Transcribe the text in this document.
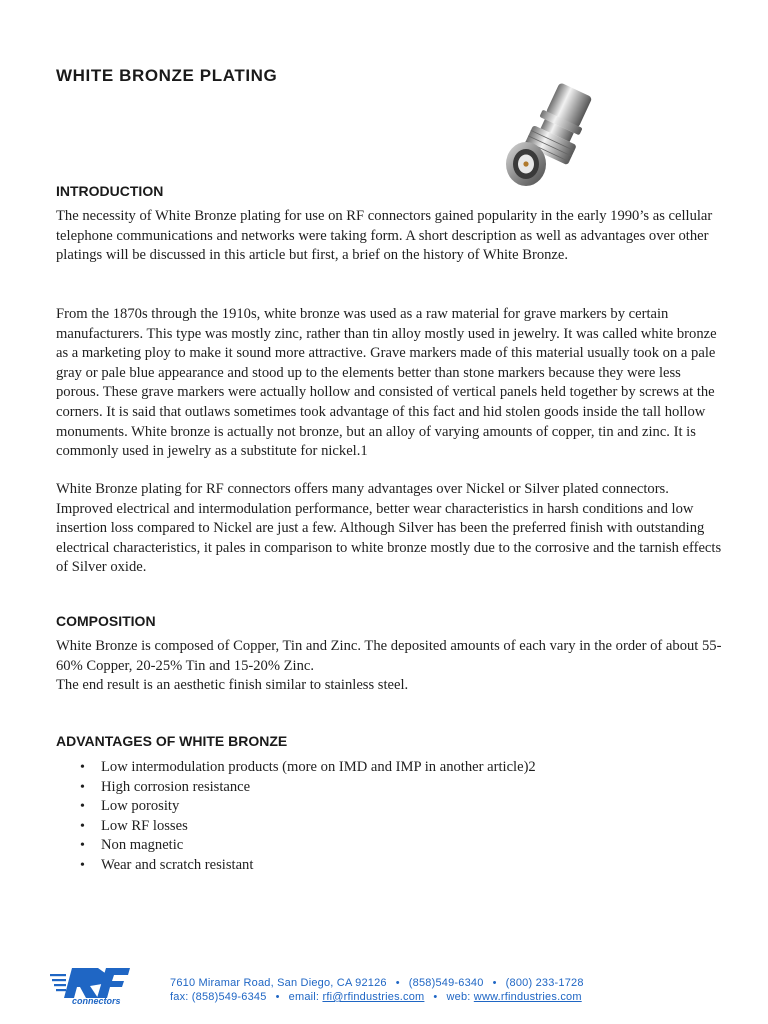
WHITE BRONZE PLATING
INTRODUCTION

The necessity of White Bronze plating for use on RF connectors gained popularity in the early 1990’s as cellular telephone communications and networks were taking form. A short description as well as advantages over other platings will be discussed in this article but first, a brief on the history of White Bronze.

From the 1870s through the 1910s, white bronze was used as a raw material for grave markers by certain manufacturers. This type was mostly zinc, rather than tin alloy mostly used in jewelry. It was called white bronze as a marketing ploy to make it sound more attractive. Grave markers made of this material usually took on a pale gray or pale blue appearance and stood up to the elements better than stone markers because they were less porous. These grave markers were actually hollow and consisted of vertical panels held together by screws at the corners. It is said that outlaws sometimes took advantage of this fact and hid stolen goods inside the tall hollow monuments. White bronze is actually not bronze, but an alloy of varying amounts of copper, tin and zinc. It is commonly used in jewelry as a substitute for nickel.1

White Bronze plating for RF connectors offers many advantages over Nickel or Silver plated connectors. Improved electrical and intermodulation performance, better wear characteristics in harsh conditions and low insertion loss compared to Nickel are just a few. Although Silver has been the preferred finish with outstanding electrical characteristics, it pales in comparison to white bronze mostly due to the corrosive and the tarnish effects of Silver oxide.

COMPOSITION

White Bronze is composed of Copper, Tin and Zinc. The deposited amounts of each vary in the order of about 55-60% Copper, 20-25% Tin and 15-20% Zinc.
The end result is an aesthetic finish similar to stainless steel.

ADVANTAGES OF WHITE BRONZE
• Low intermodulation products (more on IMD and IMP in another article)2
• High corrosion resistance
• Low porosity
• Low RF losses
• Non magnetic
• Wear and scratch resistant
connectors
7610 Miramar Road, San Diego, CA 92126 • (858)549-6340 • (800) 233-1728
fax: (858)549-6345 • email: rfi@rfindustries.com • web: www.rfindustries.com
